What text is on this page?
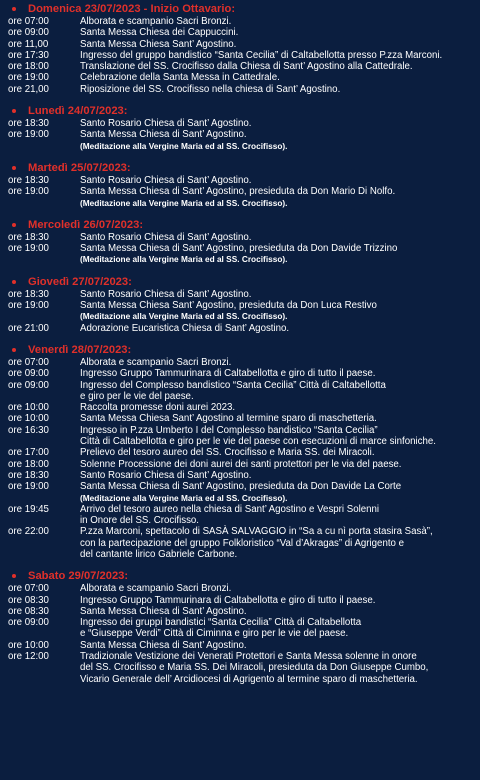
Domenica 23/07/2023 - Inizio Ottavario:
ore 07:00	Alborata e scampanio Sacri Bronzi.
ore 09:00	Santa Messa Chiesa dei Cappuccini.
ore 11,00	Santa Messa Chiesa Sant’ Agostino.
ore 17:30	Ingresso del gruppo bandistico “Santa Cecilia” di Caltabellotta presso P.zza Marconi.
ore 18:00	Translazione del SS. Crocifisso dalla Chiesa di Sant’ Agostino alla Cattedrale.
ore 19:00	Celebrazione della Santa Messa in Cattedrale.
ore 21,00	Riposizione del SS. Crocifisso nella chiesa di Sant’ Agostino.
Lunedì 24/07/2023:
ore 18:30	Santo Rosario Chiesa di Sant’ Agostino.
ore 19:00	Santa Messa Chiesa di Sant’ Agostino.
(Meditazione alla Vergine Maria ed al SS. Crocifisso).
Martedì 25/07/2023:
ore 18:30	Santo Rosario Chiesa di Sant’ Agostino.
ore 19:00	Santa Messa Chiesa di Sant’ Agostino, presieduta da Don Mario Di Nolfo.
(Meditazione alla Vergine Maria ed al SS. Crocifisso).
Mercoledì 26/07/2023:
ore 18:30	Santo Rosario Chiesa di Sant’ Agostino.
ore 19:00	Santa Messa Chiesa di Sant’ Agostino, presieduta da Don Davide Trizzino
(Meditazione alla Vergine Maria ed al SS. Crocifisso).
Giovedì 27/07/2023:
ore 18:30	Santo Rosario Chiesa di Sant’ Agostino.
ore 19:00	Santa Messa Chiesa Sant’ Agostino, presieduta da Don Luca Restivo
(Meditazione alla Vergine Maria ed al SS. Crocifisso).
ore 21:00	Adorazione Eucaristica Chiesa di Sant’ Agostino.
Venerdì 28/07/2023:
ore 07:00	Alborata e scampanio Sacri Bronzi.
ore 09:00	Ingresso Gruppo Tammurinara di Caltabellotta e giro di tutto il paese.
ore 09:00	Ingresso del Complesso bandistico “Santa Cecilia” Città di Caltabellotta
e giro per le vie del paese.
ore 10:00	Raccolta promesse doni aurei 2023.
ore 10:00	Santa Messa Chiesa Sant’ Agostino al termine sparo di maschetteria.
ore 16:30	Ingresso in P.zza Umberto I del Complesso bandistico “Santa Cecilia”
Città di Caltabellotta e giro per le vie del paese con esecuzioni di marce sinfoniche.
ore 17:00	Prelievo del tesoro aureo del SS. Crocifisso e Maria SS. dei Miracoli.
ore 18:00	Solenne Processione dei doni aurei dei santi protettori per le via del paese.
ore 18:30	Santo Rosario Chiesa di Sant’ Agostino.
ore 19:00	Santa Messa Chiesa di Sant’ Agostino, presieduta da Don Davide La Corte
(Meditazione alla Vergine Maria ed al SS. Crocifisso).
ore 19:45	Arrivo del tesoro aureo nella chiesa di Sant’ Agostino e Vespri Solenni
in Onore del SS. Crocifisso.
ore 22:00	P.zza Marconi, spettacolo di SASÀ SALVAGGIO in “Sa a cu nì porta stasira Sasà”,
con la partecipazione del gruppo Folkloristico “Val d’Akragas” di Agrigento e
del cantante lirico Gabriele Carbone.
Sabato 29/07/2023:
ore 07:00	Alborata e scampanio Sacri Bronzi.
ore 08:30	Ingresso Gruppo Tammurinara di Caltabellotta e giro di tutto il paese.
ore 08:30	Santa Messa Chiesa di Sant’ Agostino.
ore 09:00	Ingresso dei gruppi bandistici “Santa Cecilia” Città di Caltabellotta
e “Giuseppe Verdi” Città di Ciminna e giro per le vie del paese.
ore 10:00	Santa Messa Chiesa di Sant’ Agostino.
ore 12:00	Tradizionale Vestizione dei Venerati Protettori e Santa Messa solenne in onore
del SS. Crocifisso e Maria SS. Dei Miracoli, presieduta da Don Giuseppe Cumbo,
Vicario Generale dell’ Arcidiocesi di Agrigento al termine sparo di maschetteria.
